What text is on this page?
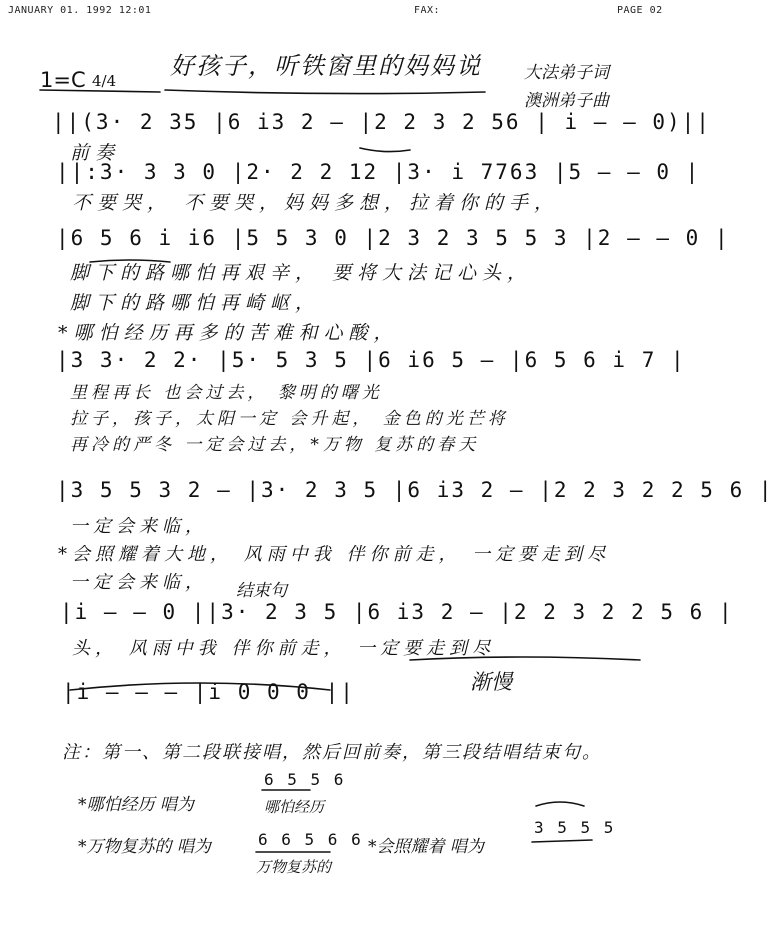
JANUARY 01. 1992 12:01	FAX:	PAGE 02
1=C 4/4
好孩子，听铁窗里的妈妈说 大法弟子词
澳洲弟子曲
||(3· 2 35 |6 i3 2 — |2 2 3 2 56 | i — — 0)||
前奏
||:3· 3 3 0 |2· 2 2 12 |3· i 7763 |5 — — 0 |
不要哭， 不要哭，妈妈多想，拉着你的手，
|6 5 6 i i6 |5 5 3 0 |2 3 2 3 5 5 3 |2 — — 0 |
脚下的路哪怕再艰辛， 要将大法记心头，
脚下的路哪怕再崎岖，
*哪怕经历再多的苦难和心酸，
|3 3· 2 2· |5· 5 3 5 |6 i6 5 — |6 5 6 i 7 |
里程再长 也会过去， 黎明的曙光
拉子，孩子，太阳一定 会升起， 金色的光芒将
再冷的严冬 一定会过去，*万物 复苏的春天
|3 5 5 3 2 — |3· 2 3 5 |6 i3 2 — |2 2 3 2 2 5 6 |
一定会来临，
*会照耀着大地， 风雨中我 伴你前走， 一定要走到尽
一定会来临， 结束句
|i — — 0 ||3· 2 3 5 |6 i3 2 — |2 2 3 2 2 5 6 |
头， 风雨中我 伴你前走， 一定要走到尽
|i — — — |i 0 0 0 ||	渐慢
注：第一、第二段联接唱，然后回前奏，第三段结唱结束句。
*哪怕经历 唱为
6 5 5 6
哪怕经历
*万物复苏的 唱为	6 6 5 6 6
万物复苏的
*会照耀着 唱为
3 5 5 5
